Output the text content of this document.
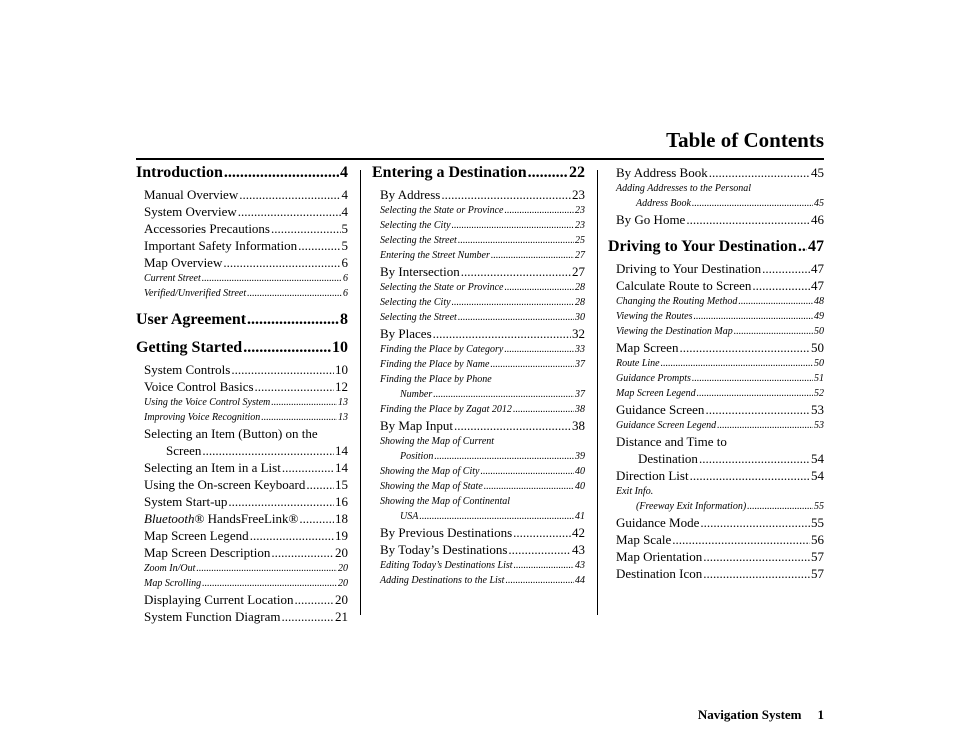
Table of Contents
Introduction .....	4
Manual Overview .....	4
System Overview .....	4
Accessories Precautions .....	5
Important Safety Information .....	5
Map Overview .....	6
Current Street .....	6
Verified/Unverified Street .....	6
User Agreement .....	8
Getting Started .....	10
System Controls .....	10
Voice Control Basics .....	12
Using the Voice Control System .....	13
Improving Voice Recognition .....	13
Selecting an Item (Button) on the
Screen .....	14
Selecting an Item in a List .....	14
Using the On-screen Keyboard ..... 15
System Start-up .....	16
Bluetooth® HandsFreeLink® .....	18
Map Screen Legend .....	19
Map Screen Description .....	20
Zoom In/Out .....	20
Map Scrolling .....	20
Displaying Current Location .....	20
System Function Diagram .....	21
Entering a Destination .....	22
By Address .....	23
Selecting the State or Province .....	23
Selecting the City .....	23
Selecting the Street .....	25
Entering the Street Number .....	27
By Intersection .....	27
Selecting the State or Province .....	28
Selecting the City .....	28
Selecting the Street .....	30
By Places .....	32
Finding the Place by Category .....	33
Finding the Place by Name .....	37
Finding the Place by Phone
Number .....	37
Finding the Place by Zagat 2012 .....	38
By Map Input .....	38
Showing the Map of Current
Position .....	39
Showing the Map of City .....	40
Showing the Map of State .....	40
Showing the Map of Continental
USA .....	41
By Previous Destinations .....	42
By Today’s Destinations .....	43
Editing Today’s Destinations List .....	43
Adding Destinations to the List .....	44
By Address Book .....	45
Adding Addresses to the Personal
Address Book .....	45
By Go Home .....	46
Driving to Your Destination ..... 47
Driving to Your Destination .....	47
Calculate Route to Screen .....	47
Changing the Routing Method .....	48
Viewing the Routes .....	49
Viewing the Destination Map .....	50
Map Screen .....	50
Route Line .....	50
Guidance Prompts .....	51
Map Screen Legend .....	52
Guidance Screen .....	53
Guidance Screen Legend .....	53
Distance and Time to
Destination .....	54
Direction List .....	54
Exit Info.
(Freeway Exit Information) .....	55
Guidance Mode .....	55
Map Scale .....	56
Map Orientation .....	57
Destination Icon .....	57
Navigation System 1
